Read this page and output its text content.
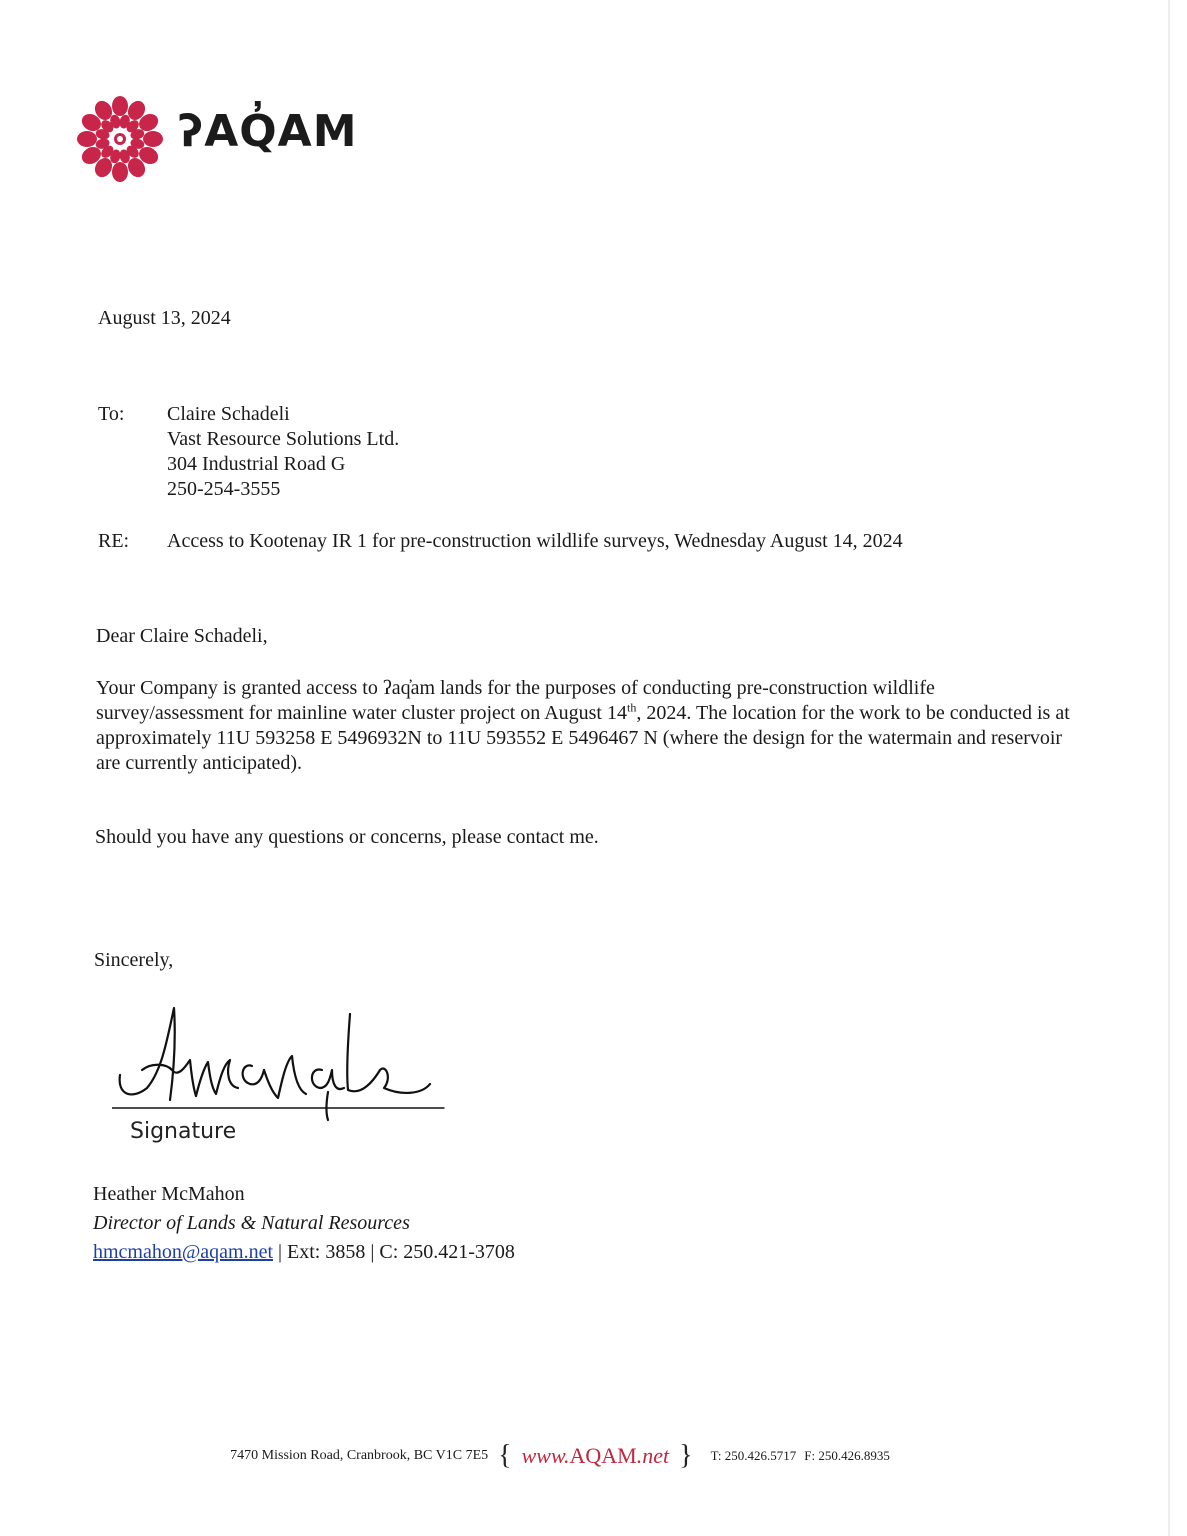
ʔAQ̓AM
August 13, 2024
To: Claire Schadeli
Vast Resource Solutions Ltd.
304 Industrial Road G
250-254-3555
RE: Access to Kootenay IR 1 for pre-construction wildlife surveys, Wednesday August 14, 2024
Dear Claire Schadeli,
Your Company is granted access to ʔaq̓am lands for the purposes of conducting pre-construction wildlife survey/assessment for mainline water cluster project on August 14th, 2024. The location for the work to be conducted is at approximately 11U 593258 E 5496932N to 11U 593552 E 5496467 N (where the design for the watermain and reservoir are currently anticipated).
Should you have any questions or concerns, please contact me.
Sincerely,
Signature
Heather McMahon
Director of Lands & Natural Resources
hmcmahon@aqam.net | Ext: 3858 | C: 250.421-3708
7470 Mission Road, Cranbrook, BC V1C 7E5 { www.AQAM.net } T: 250.426.5717 F: 250.426.8935
